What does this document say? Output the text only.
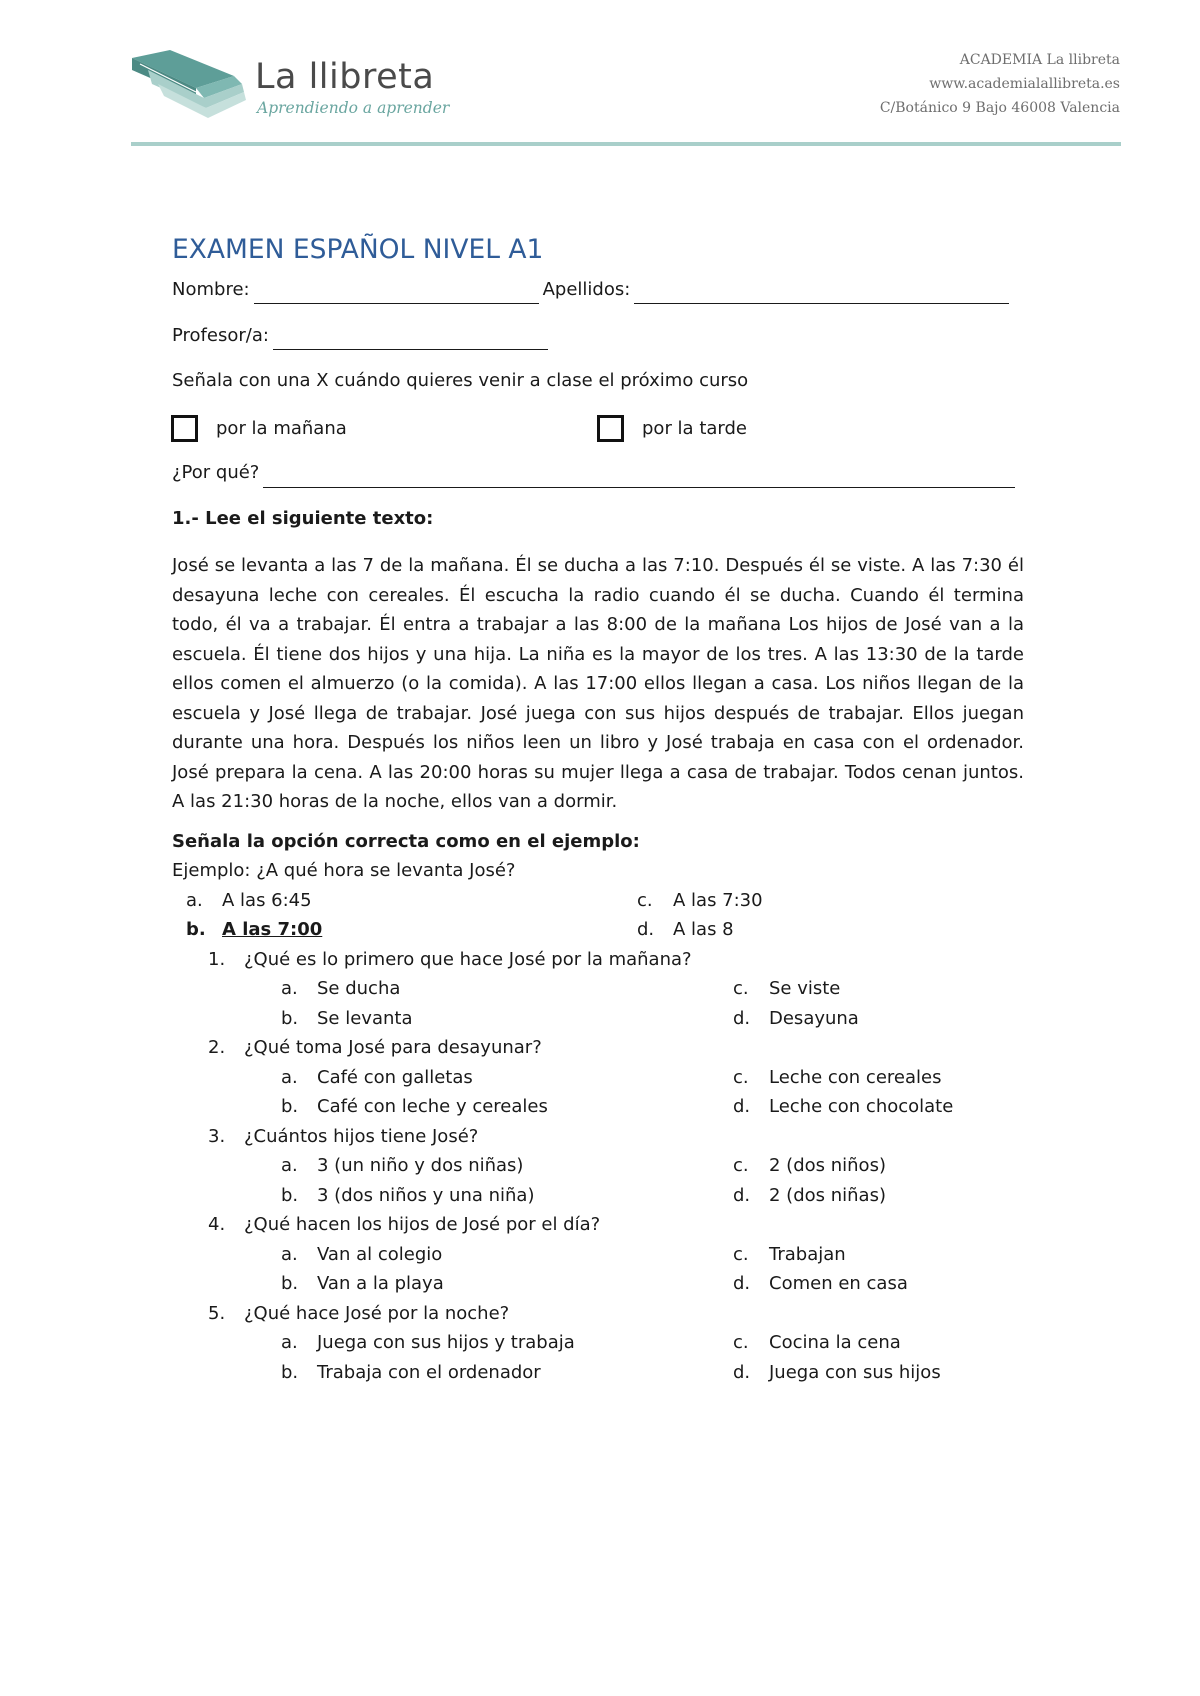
La llibreta
Aprendiendo a aprender
ACADEMIA La llibreta
www.academialallibreta.es
C/Botánico 9 Bajo 46008 Valencia
EXAMEN ESPAÑOL NIVEL A1
Nombre:	Apellidos:
Profesor/a:

Señala con una X cuándo quieres venir a clase el próximo curso

por la mañana	por la tarde
¿Por qué?

1.- Lee el siguiente texto:

José se levanta a las 7 de la mañana. Él se ducha a las 7:10. Después él se viste. A las 7:30 él desayuna leche con cereales. Él escucha la radio cuando él se ducha. Cuando él termina todo, él va a trabajar. Él entra a trabajar a las 8:00 de la mañana Los hijos de José van a la escuela. Él tiene dos hijos y una hija. La niña es la mayor de los tres. A las 13:30 de la tarde ellos comen el almuerzo (o la comida). A las 17:00 ellos llegan a casa. Los niños llegan de la escuela y José llega de trabajar. José juega con sus hijos después de trabajar. Ellos juegan durante una hora. Después los niños leen un libro y José trabaja en casa con el ordenador. José prepara la cena. A las 20:00 horas su mujer llega a casa de trabajar. Todos cenan juntos. A las 21:30 horas de la noche, ellos van a dormir.

Señala la opción correcta como en el ejemplo:

Ejemplo: ¿A qué hora se levanta José?
a.	A las 6:45	c.	A las 7:30
b. A las 7:00	d.	A las 8
1.	¿Qué es lo primero que hace José por la mañana?
a.	Se ducha	c.	Se viste
b.	Se levanta	d.	Desayuna
2.	¿Qué toma José para desayunar?
a.	Café con galletas	c.	Leche con cereales
b.	Café con leche y cereales	d.	Leche con chocolate
3.	¿Cuántos hijos tiene José?
a.	3 (un niño y dos niñas)	c.	2 (dos niños)
b.	3 (dos niños y una niña)	d.	2 (dos niñas)
4.	¿Qué hacen los hijos de José por el día?
a.	Van al colegio	c.	Trabajan
b.	Van a la playa	d.	Comen en casa
5.	¿Qué hace José por la noche?
a.	Juega con sus hijos y trabaja	c.	Cocina la cena
b.	Trabaja con el ordenador	d.	Juega con sus hijos
